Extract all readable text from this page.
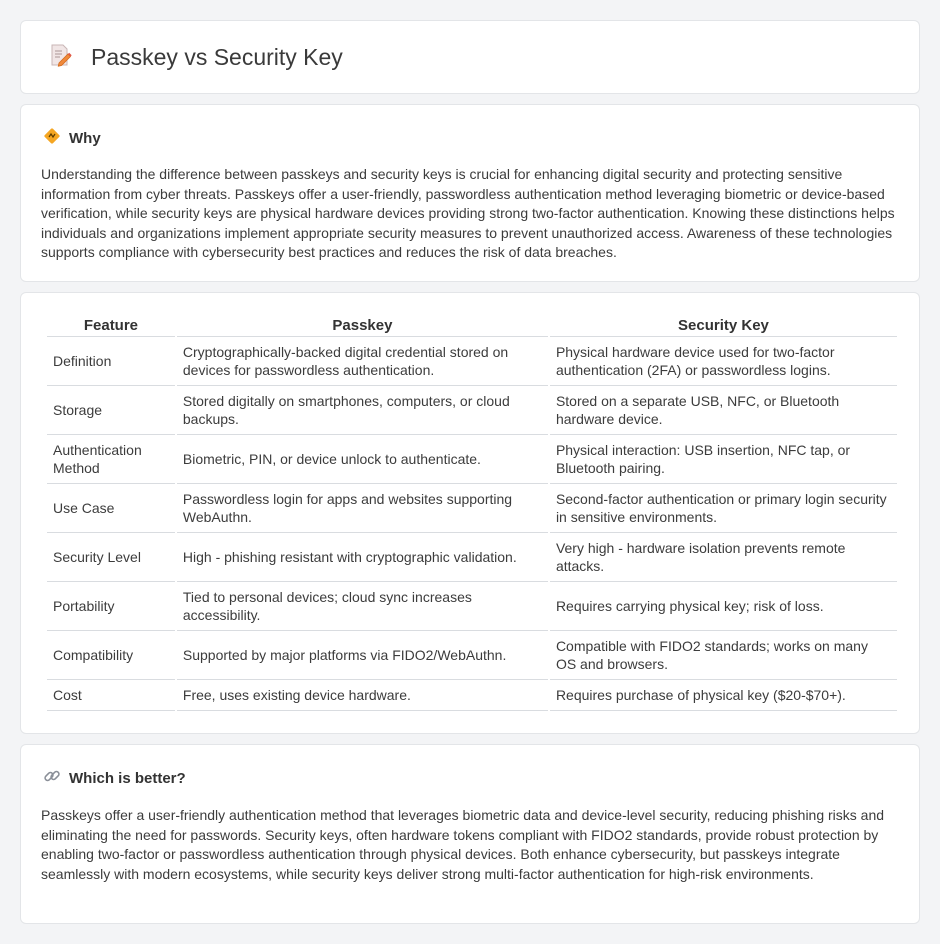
Passkey vs Security Key
Why

Understanding the difference between passkeys and security keys is crucial for enhancing digital security and protecting sensitive information from cyber threats. Passkeys offer a user-friendly, passwordless authentication method leveraging biometric or device-based verification, while security keys are physical hardware devices providing strong two-factor authentication. Knowing these distinctions helps individuals and organizations implement appropriate security measures to prevent unauthorized access. Awareness of these technologies supports compliance with cybersecurity best practices and reduces the risk of data breaches.

Feature	Passkey	Security Key
Definition	Cryptographically-backed digital credential stored on devices for passwordless authentication.	Physical hardware device used for two-factor authentication (2FA) or passwordless logins.
Storage	Stored digitally on smartphones, computers, or cloud backups.	Stored on a separate USB, NFC, or Bluetooth hardware device.
Authentication Method	Biometric, PIN, or device unlock to authenticate.	Physical interaction: USB insertion, NFC tap, or Bluetooth pairing.
Use Case	Passwordless login for apps and websites supporting WebAuthn.	Second-factor authentication or primary login security in sensitive environments.
Security Level	High - phishing resistant with cryptographic validation.	Very high - hardware isolation prevents remote attacks.
Portability	Tied to personal devices; cloud sync increases accessibility.	Requires carrying physical key; risk of loss.
Compatibility	Supported by major platforms via FIDO2/WebAuthn.	Compatible with FIDO2 standards; works on many OS and browsers.
Cost	Free, uses existing device hardware.	Requires purchase of physical key ($20-$70+).
Which is better?

Passkeys offer a user-friendly authentication method that leverages biometric data and device-level security, reducing phishing risks and eliminating the need for passwords. Security keys, often hardware tokens compliant with FIDO2 standards, provide robust protection by enabling two-factor or passwordless authentication through physical devices. Both enhance cybersecurity, but passkeys integrate seamlessly with modern ecosystems, while security keys deliver strong multi-factor authentication for high-risk environments.
